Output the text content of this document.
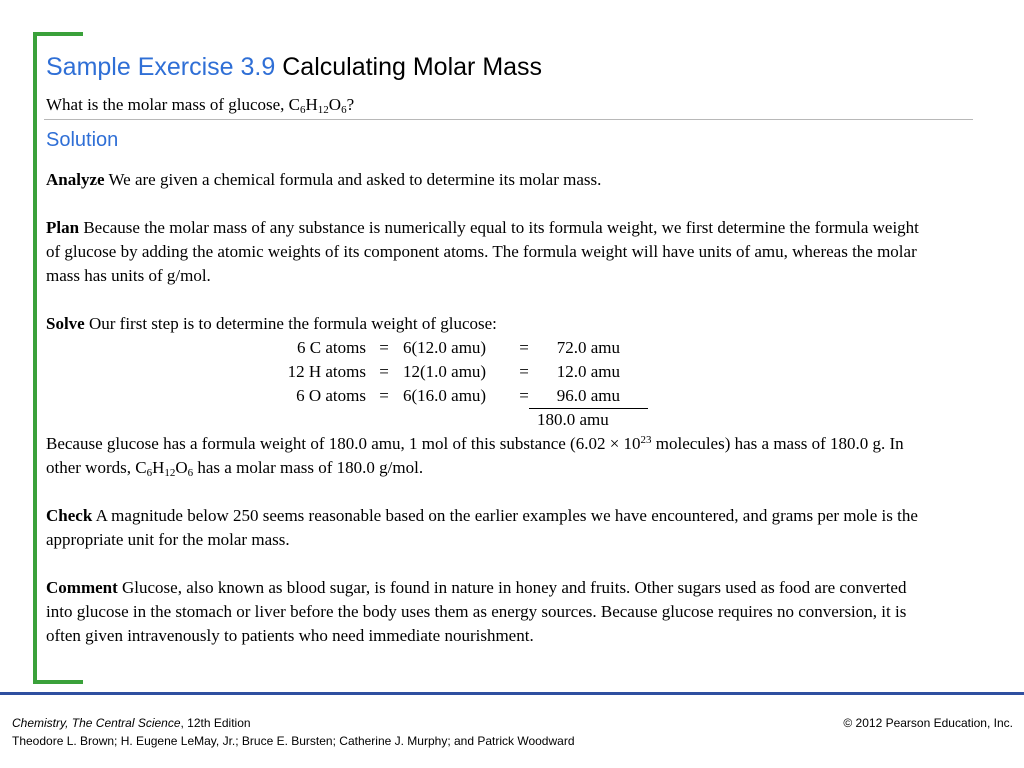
Sample Exercise 3.9 Calculating Molar Mass
What is the molar mass of glucose, $C_6H_{12}O_6$?
Solution
Analyze We are given a chemical formula and asked to determine its molar mass.
Plan Because the molar mass of any substance is numerically equal to its formula weight, we first determine the formula weight of glucose by adding the atomic weights of its component atoms. The formula weight will have units of amu, whereas the molar mass has units of g/mol.
Solve Our first step is to determine the formula weight of glucose:
6 C atoms = 6(12.0 amu)	=	72.0 amu
12 H atoms = 12(1.0 amu)	=	12.0 amu
6 O atoms = 6(16.0 amu)	=	96.0 amu
180.0 amu
Because glucose has a formula weight of 180.0 amu, 1 mol of this substance ($6.02 \times 10^{23}$ molecules) has a mass of 180.0 g. In other words, $C_6H_{12}O_6$ has a molar mass of 180.0 g/mol.
Check A magnitude below 250 seems reasonable based on the earlier examples we have encountered, and grams per mole is the appropriate unit for the molar mass.
Comment Glucose, also known as blood sugar, is found in nature in honey and fruits. Other sugars used as food are converted into glucose in the stomach or liver before the body uses them as energy sources. Because glucose requires no conversion, it is often given intravenously to patients who need immediate nourishment.
Chemistry, The Central Science, 12th Edition
Theodore L. Brown; H. Eugene LeMay, Jr.; Bruce E. Bursten; Catherine J. Murphy; and Patrick Woodward
© 2012 Pearson Education, Inc.
